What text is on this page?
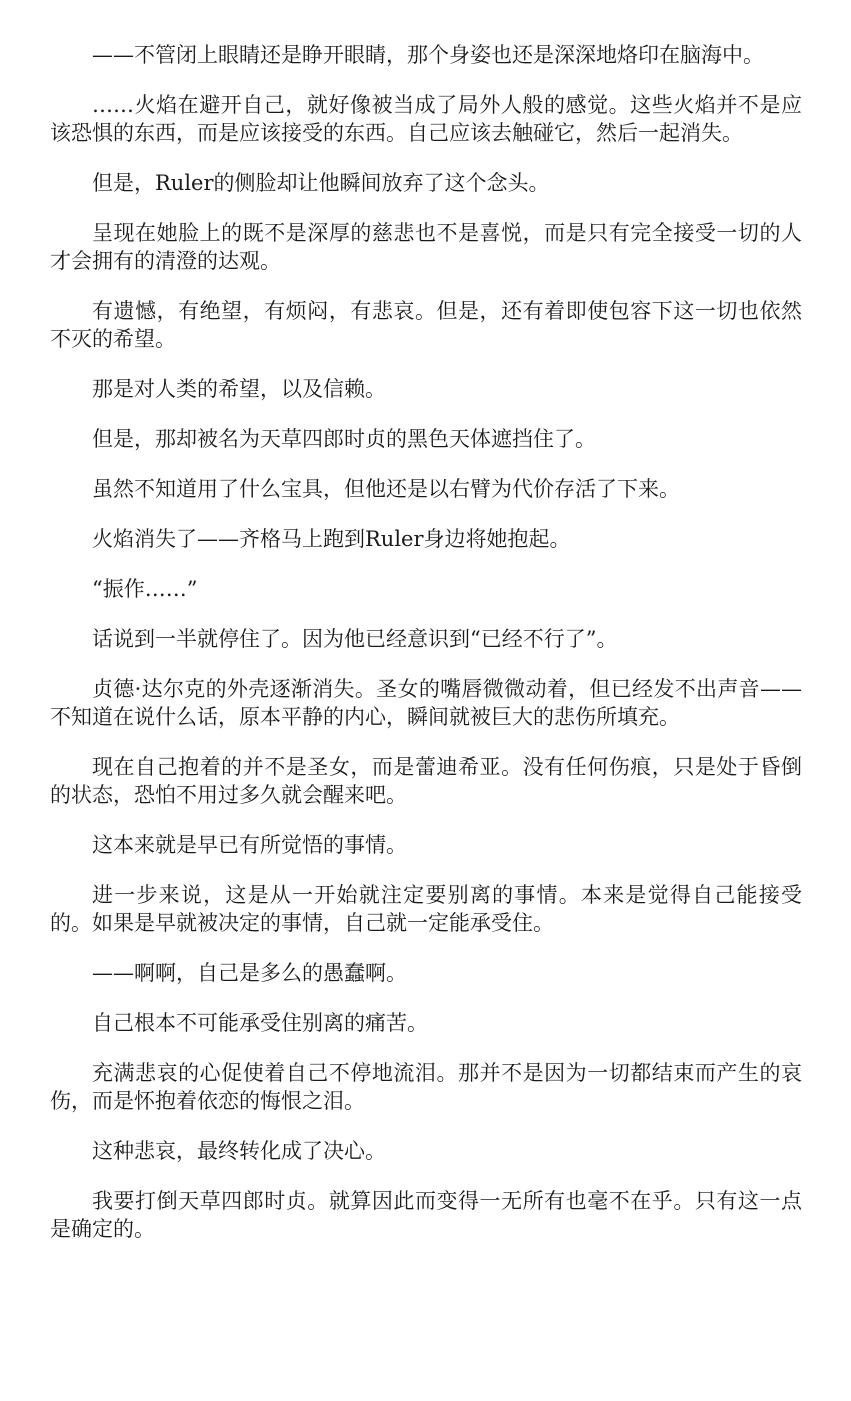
——不管闭上眼睛还是睁开眼睛，那个身姿也还是深深地烙印在脑海中。

……火焰在避开自己，就好像被当成了局外人般的感觉。这些火焰并不是应该恐惧的东西，而是应该接受的东西。自己应该去触碰它，然后一起消失。

但是，Ruler的侧脸却让他瞬间放弃了这个念头。

呈现在她脸上的既不是深厚的慈悲也不是喜悦，而是只有完全接受一切的人才会拥有的清澄的达观。

有遗憾，有绝望，有烦闷，有悲哀。但是，还有着即使包容下这一切也依然不灭的希望。

那是对人类的希望，以及信赖。

但是，那却被名为天草四郎时贞的黑色天体遮挡住了。

虽然不知道用了什么宝具，但他还是以右臂为代价存活了下来。

火焰消失了——齐格马上跑到Ruler身边将她抱起。

“振作……”

话说到一半就停住了。因为他已经意识到“已经不行了”。

贞德·达尔克的外壳逐渐消失。圣女的嘴唇微微动着，但已经发不出声音——不知道在说什么话，原本平静的内心，瞬间就被巨大的悲伤所填充。

现在自己抱着的并不是圣女，而是蕾迪希亚。没有任何伤痕，只是处于昏倒的状态，恐怕不用过多久就会醒来吧。

这本来就是早已有所觉悟的事情。

进一步来说，这是从一开始就注定要别离的事情。本来是觉得自己能接受的。如果是早就被决定的事情，自己就一定能承受住。

——啊啊，自己是多么的愚蠢啊。

自己根本不可能承受住别离的痛苦。

充满悲哀的心促使着自己不停地流泪。那并不是因为一切都结束而产生的哀伤，而是怀抱着依恋的悔恨之泪。

这种悲哀，最终转化成了决心。

我要打倒天草四郎时贞。就算因此而变得一无所有也毫不在乎。只有这一点是确定的。
